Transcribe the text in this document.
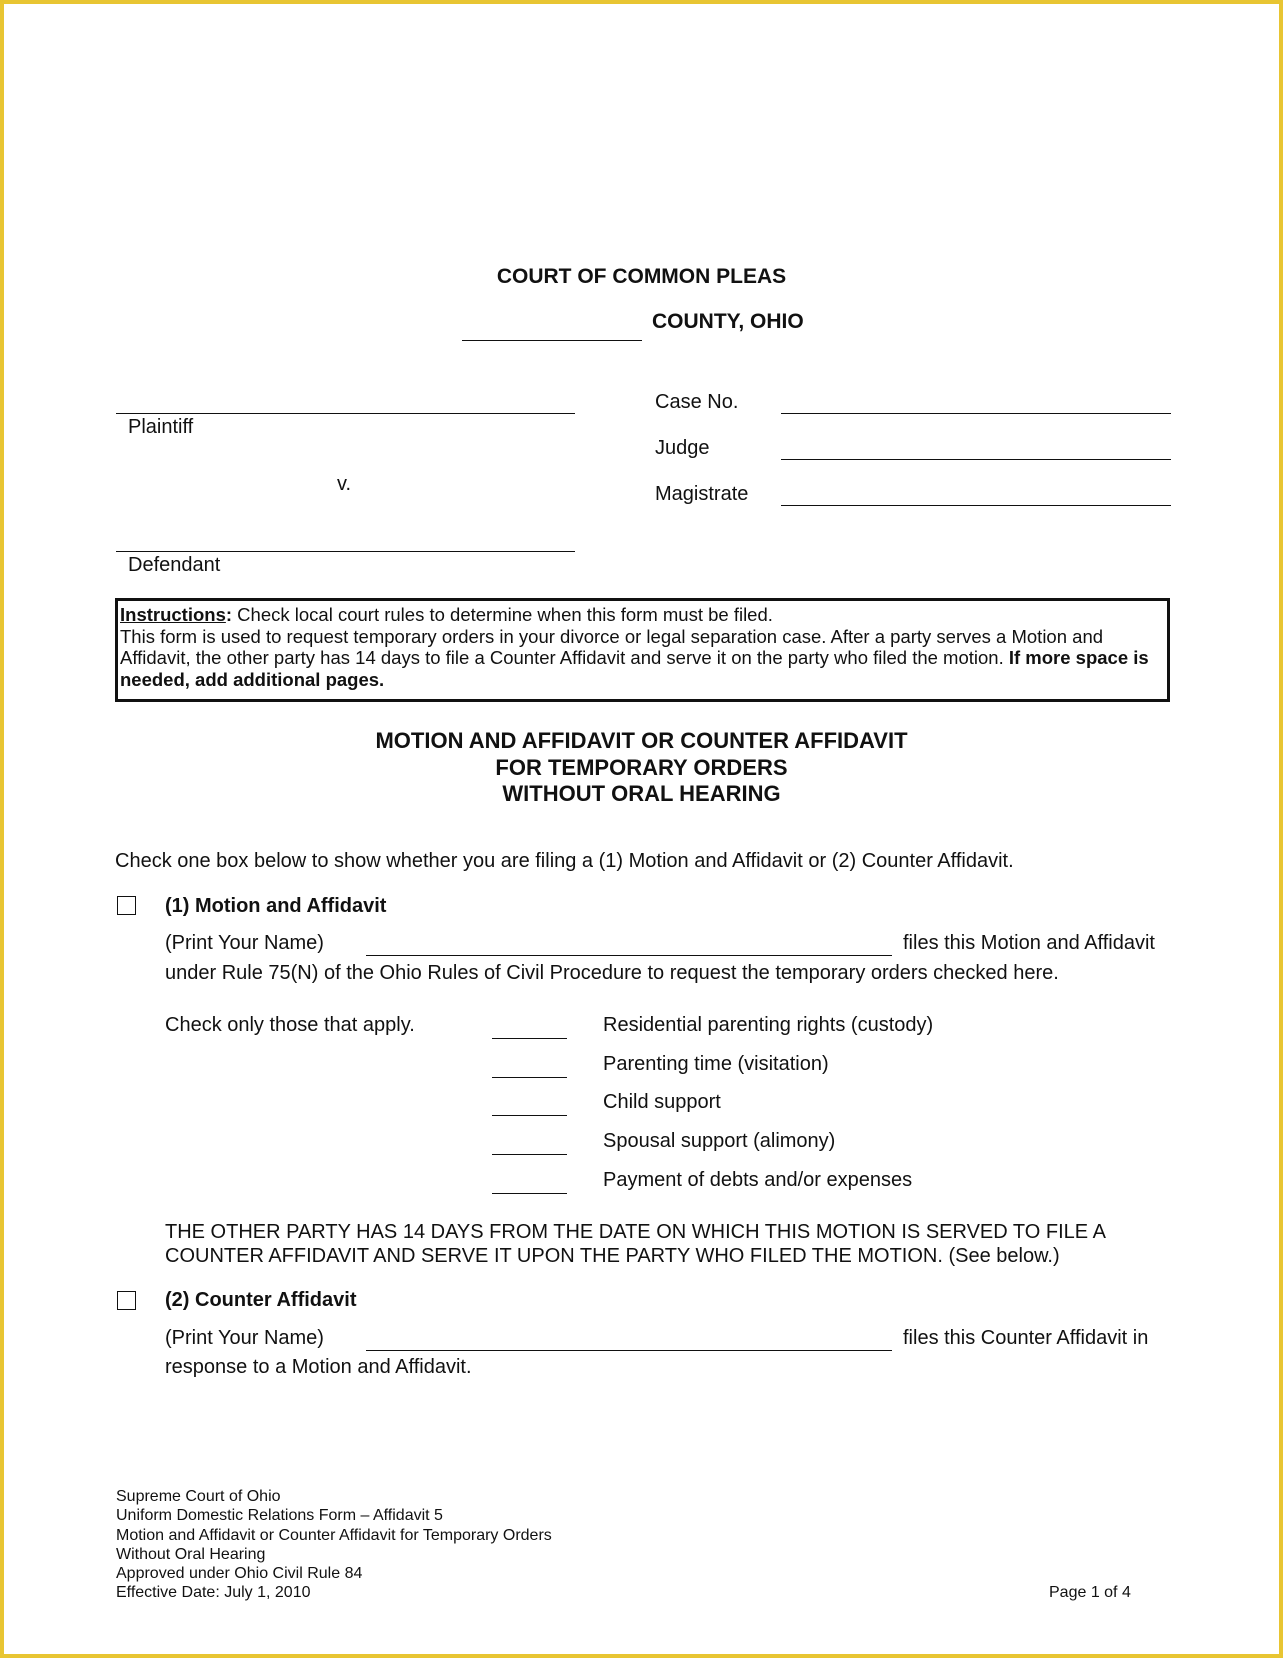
COURT OF COMMON PLEAS
COUNTY, OHIO
Plaintiff
v.
Defendant
Case No.
Judge
Magistrate

Instructions: Check local court rules to determine when this form must be filed.

This form is used to request temporary orders in your divorce or legal separation case. After a party serves a Motion and Affidavit, the other party has 14 days to file a Counter Affidavit and serve it on the party who filed the motion. If more space is needed, add additional pages.

MOTION AND AFFIDAVIT OR COUNTER AFFIDAVIT
FOR TEMPORARY ORDERS
WITHOUT ORAL HEARING
Check one box below to show whether you are filing a (1) Motion and Affidavit or (2) Counter Affidavit.
(1) Motion and Affidavit
(Print Your Name)	files this Motion and Affidavit
under Rule 75(N) of the Ohio Rules of Civil Procedure to request the temporary orders checked here.
Check only those that apply.	Residential parenting rights (custody)
Parenting time (visitation)
Child support
Spousal support (alimony)
Payment of debts and/or expenses
THE OTHER PARTY HAS 14 DAYS FROM THE DATE ON WHICH THIS MOTION IS SERVED TO FILE A
COUNTER AFFIDAVIT AND SERVE IT UPON THE PARTY WHO FILED THE MOTION. (See below.)
(2) Counter Affidavit
(Print Your Name)	files this Counter Affidavit in
response to a Motion and Affidavit.
Supreme Court of Ohio
Uniform Domestic Relations Form – Affidavit 5
Motion and Affidavit or Counter Affidavit for Temporary Orders
Without Oral Hearing
Approved under Ohio Civil Rule 84
Effective Date: July 1, 2010	Page 1 of 4
